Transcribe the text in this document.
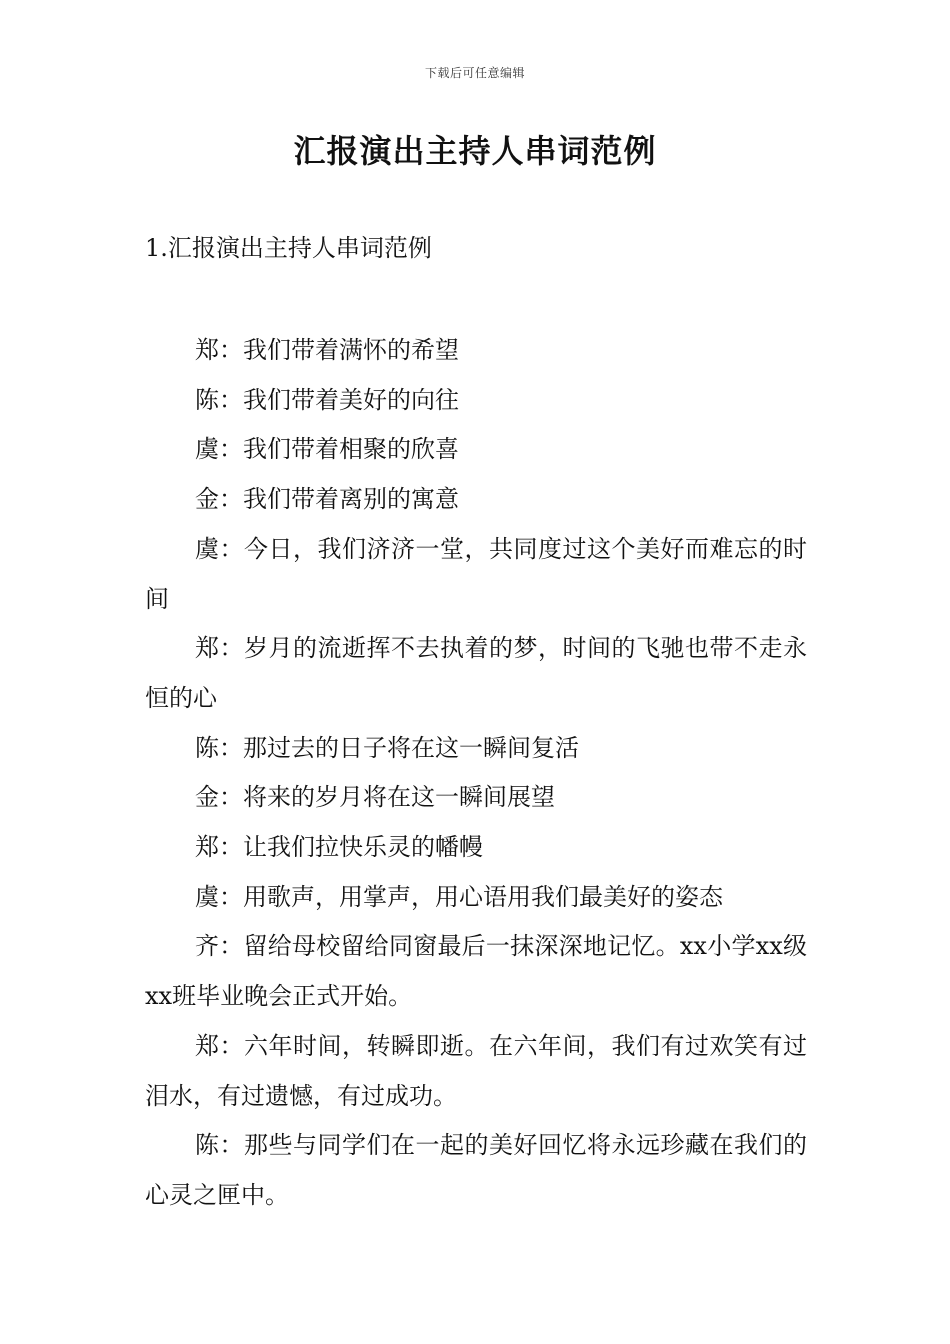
下载后可任意编辑
汇报演出主持人串词范例
1.汇报演出主持人串词范例

郑：我们带着满怀的希望

陈：我们带着美好的向往

虞：我们带着相聚的欣喜

金：我们带着离别的寓意

虞：今日，我们济济一堂，共同度过这个美好而难忘的时间

郑：岁月的流逝挥不去执着的梦，时间的飞驰也带不走永恒的心

陈：那过去的日子将在这一瞬间复活

金：将来的岁月将在这一瞬间展望

郑：让我们拉快乐灵的幡幔

虞：用歌声，用掌声，用心语用我们最美好的姿态

齐：留给母校留给同窗最后一抹深深地记忆。xx小学xx级xx班毕业晚会正式开始。

郑：六年时间，转瞬即逝。在六年间，我们有过欢笑有过泪水，有过遗憾，有过成功。

陈：那些与同学们在一起的美好回忆将永远珍藏在我们的心灵之匣中。
